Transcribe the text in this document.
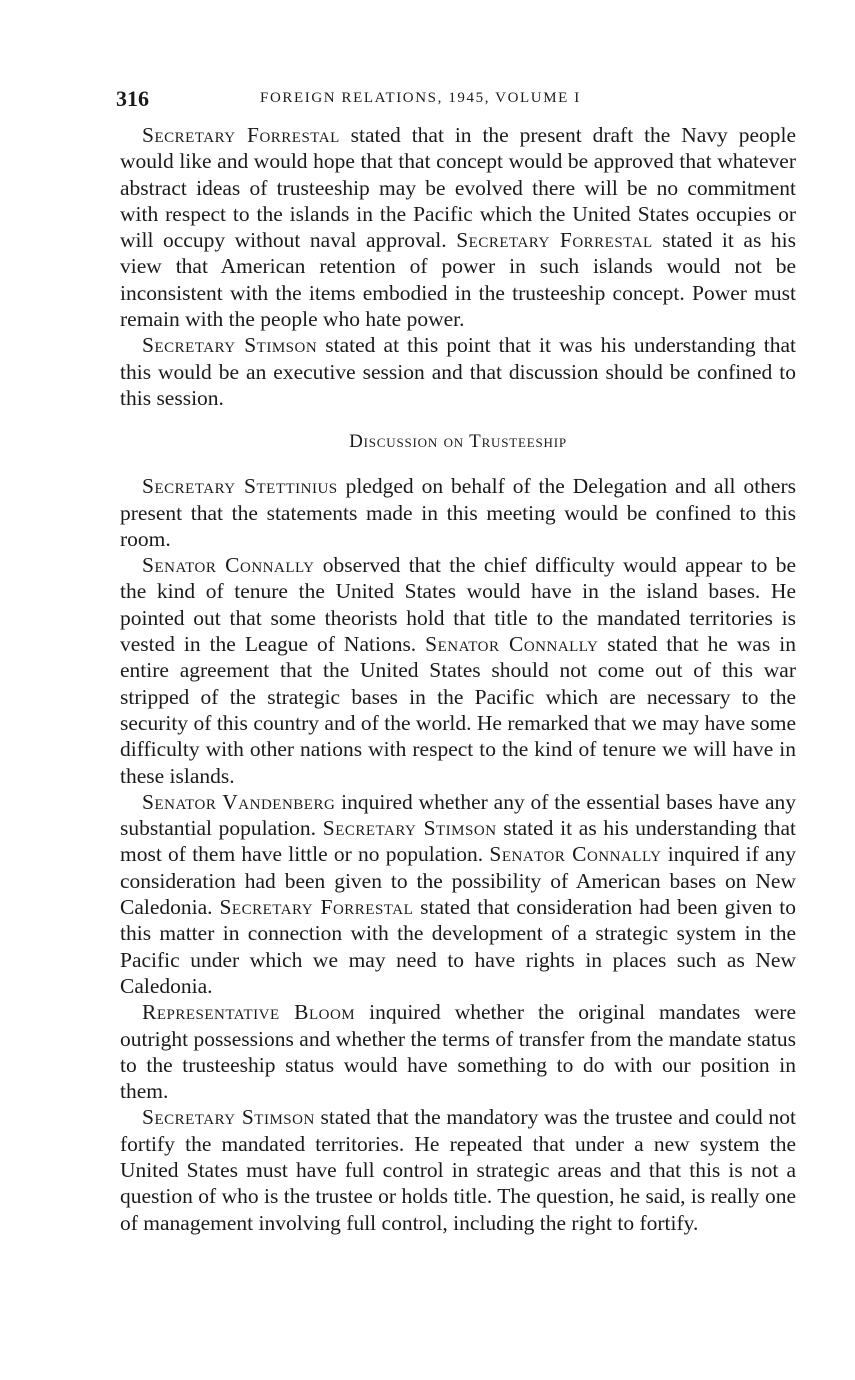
316	FOREIGN RELATIONS, 1945, VOLUME I

Secretary Forrestal stated that in the present draft the Navy people would like and would hope that that concept would be approved that whatever abstract ideas of trusteeship may be evolved there will be no commitment with respect to the islands in the Pacific which the United States occupies or will occupy without naval approval. Secretary Forrestal stated it as his view that American retention of power in such islands would not be inconsistent with the items embodied in the trusteeship concept. Power must remain with the people who hate power.

Secretary Stimson stated at this point that it was his understanding that this would be an executive session and that discussion should be confined to this session.

Discussion on Trusteeship

Secretary Stettinius pledged on behalf of the Delegation and all others present that the statements made in this meeting would be confined to this room.

Senator Connally observed that the chief difficulty would appear to be the kind of tenure the United States would have in the island bases. He pointed out that some theorists hold that title to the mandated territories is vested in the League of Nations. Senator Connally stated that he was in entire agreement that the United States should not come out of this war stripped of the strategic bases in the Pacific which are necessary to the security of this country and of the world. He remarked that we may have some difficulty with other nations with respect to the kind of tenure we will have in these islands.

Senator Vandenberg inquired whether any of the essential bases have any substantial population. Secretary Stimson stated it as his understanding that most of them have little or no population. Senator Connally inquired if any consideration had been given to the possibility of American bases on New Caledonia. Secretary Forrestal stated that consideration had been given to this matter in connection with the development of a strategic system in the Pacific under which we may need to have rights in places such as New Caledonia.

Representative Bloom inquired whether the original mandates were outright possessions and whether the terms of transfer from the mandate status to the trusteeship status would have something to do with our position in them.

Secretary Stimson stated that the mandatory was the trustee and could not fortify the mandated territories. He repeated that under a new system the United States must have full control in strategic areas and that this is not a question of who is the trustee or holds title. The question, he said, is really one of management involving full control, including the right to fortify.
